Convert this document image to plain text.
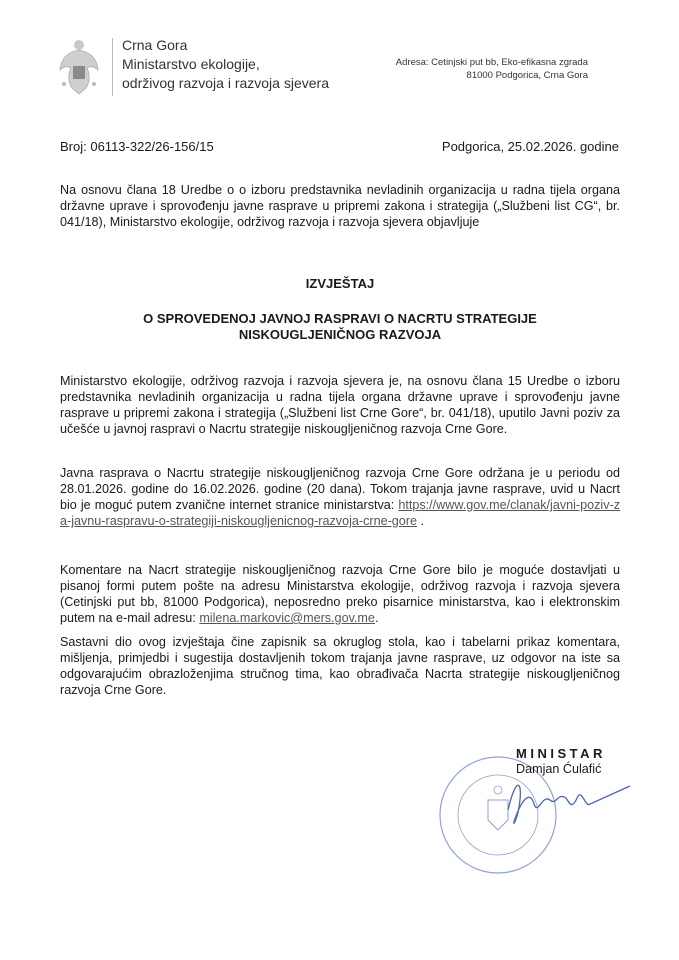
Crna Gora
Ministarstvo ekologije,
održivog razvoja i razvoja sjevera
Adresa: Cetinjski put bb, Eko-efikasna zgrada
81000 Podgorica, Crna Gora
Broj: 06113-322/26-156/15	Podgorica, 25.02.2026. godine

Na osnovu člana 18 Uredbe o o izboru predstavnika nevladinih organizacija u radna tijela organa državne uprave i sprovođenju javne rasprave u pripremi zakona i strategija („Službeni list CG“, br. 041/18), Ministarstvo ekologije, održivog razvoja i razvoja sjevera objavljuje

IZVJEŠTAJ
O SPROVEDENOJ JAVNOJ RASPRAVI O NACRTU STRATEGIJE
NISKOUGLJENIČNOG RAZVOJA

Ministarstvo ekologije, održivog razvoja i razvoja sjevera je, na osnovu člana 15 Uredbe o izboru predstavnika nevladinih organizacija u radna tijela organa državne uprave i sprovođenju javne rasprave u pripremi zakona i strategija („Službeni list Crne Gore“, br. 041/18), uputilo Javni poziv za učešće u javnoj raspravi o Nacrtu strategije niskougljeničnog razvoja Crne Gore.

Javna rasprava o Nacrtu strategije niskougljeničnog razvoja Crne Gore održana je u periodu od 28.01.2026. godine do 16.02.2026. godine (20 dana). Tokom trajanja javne rasprave, uvid u Nacrt bio je moguć putem zvanične internet stranice ministarstva: https://www.gov.me/clanak/javni-poziv-za-javnu-raspravu-o-strategiji-niskougljenicnog-razvoja-crne-gore .

Komentare na Nacrt strategije niskougljeničnog razvoja Crne Gore bilo je moguće dostavljati u pisanoj formi putem pošte na adresu Ministarstva ekologije, održivog razvoja i razvoja sjevera (Cetinjski put bb, 81000 Podgorica), neposredno preko pisarnice ministarstva, kao i elektronskim putem na e-mail adresu: milena.markovic@mers.gov.me.

Sastavni dio ovog izvještaja čine zapisnik sa okruglog stola, kao i tabelarni prikaz komentara, mišljenja, primjedbi i sugestija dostavljenih tokom trajanja javne rasprave, uz odgovor na iste sa odgovarajućim obrazloženjima stručnog tima, kao obrađivača Nacrta strategije niskougljeničnog razvoja Crne Gore.

MINISTAR
Damjan Ćulafić
